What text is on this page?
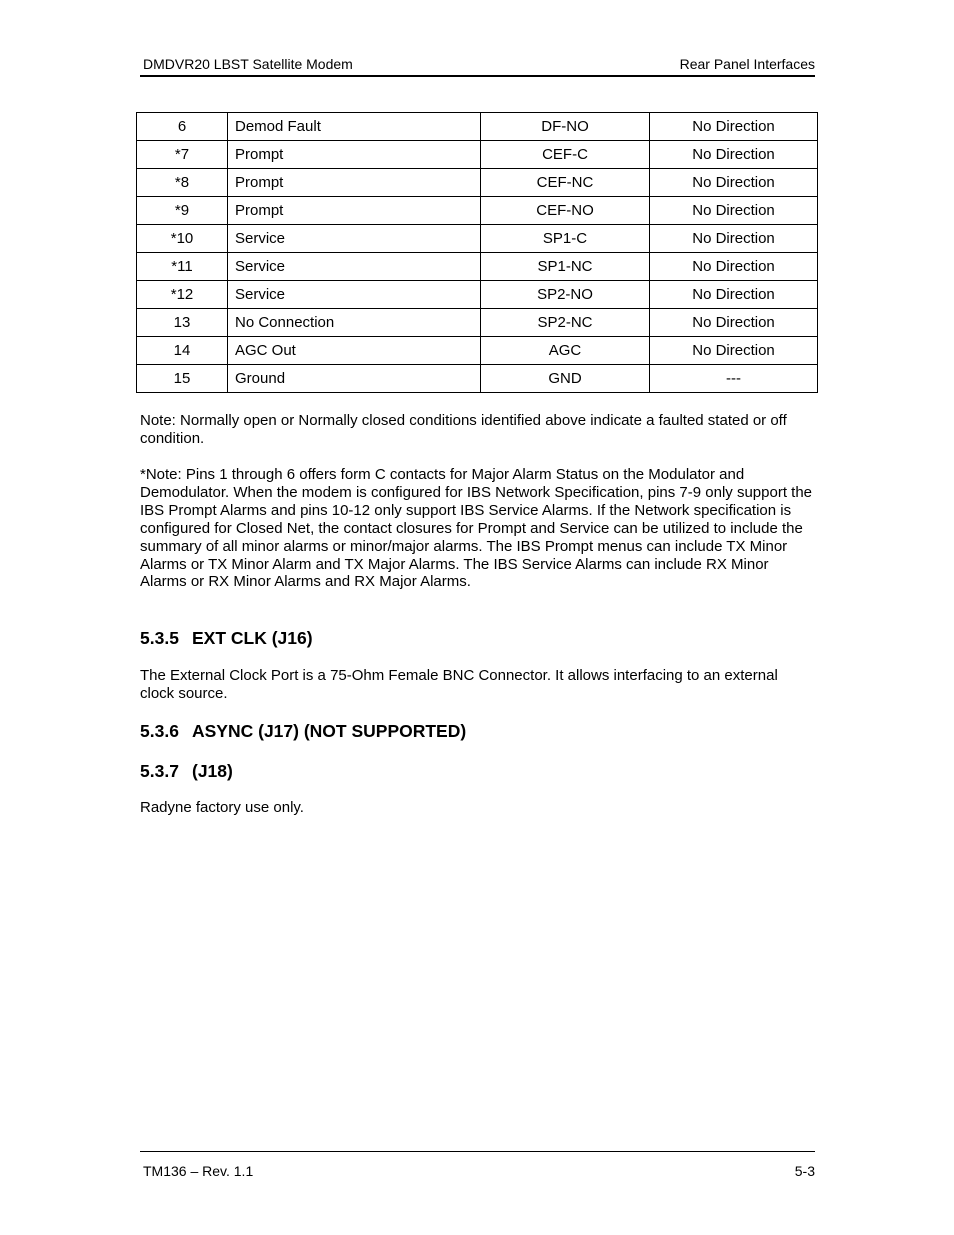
DMDVR20 LBST Satellite Modem	Rear Panel Interfaces
6	Demod Fault	DF-NO	No Direction
*7	Prompt	CEF-C	No Direction
*8	Prompt	CEF-NC	No Direction
*9	Prompt	CEF-NO	No Direction
*10	Service	SP1-C	No Direction
*11	Service	SP1-NC	No Direction
*12	Service	SP2-NO	No Direction
13	No Connection	SP2-NC	No Direction
14	AGC Out	AGC	No Direction
15	Ground	GND	---
Note: Normally open or Normally closed conditions identified above indicate a faulted stated or off condition.
*Note: Pins 1 through 6 offers form C contacts for Major Alarm Status on the Modulator and Demodulator. When the modem is configured for IBS Network Specification, pins 7-9 only support the IBS Prompt Alarms and pins 10-12 only support IBS Service Alarms. If the Network specification is configured for Closed Net, the contact closures for Prompt and Service can be utilized to include the summary of all minor alarms or minor/major alarms. The IBS Prompt menus can include TX Minor Alarms or TX Minor Alarm and TX Major Alarms. The IBS Service Alarms can include RX Minor Alarms or RX Minor Alarms and RX Major Alarms.
5.3.5 EXT CLK (J16)
The External Clock Port is a 75-Ohm Female BNC Connector. It allows interfacing to an external clock source.
5.3.6 ASYNC (J17) (NOT SUPPORTED)
5.3.7 (J18)
Radyne factory use only.
TM136 – Rev. 1.1	5-3
